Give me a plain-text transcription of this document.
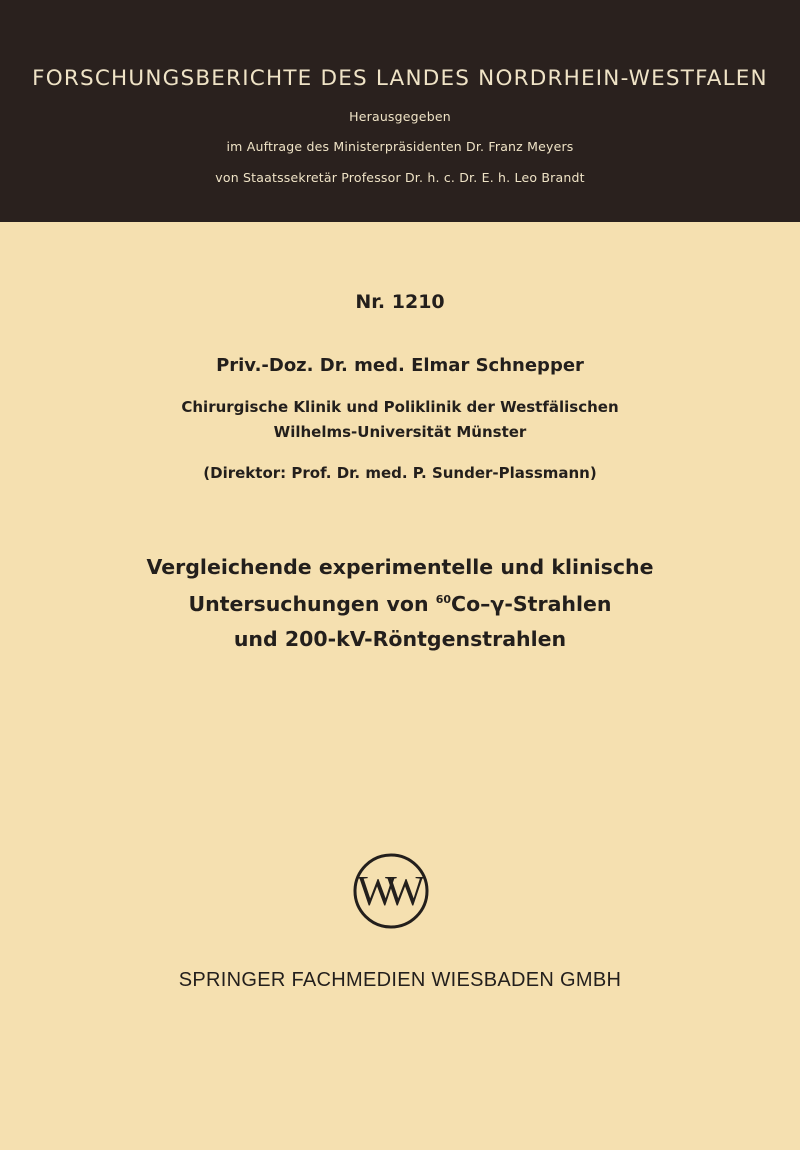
FORSCHUNGSBERICHTE DES LANDES NORDRHEIN-WESTFALEN
Herausgegeben
im Auftrage des Ministerpräsidenten Dr. Franz Meyers
von Staatssekretär Professor Dr. h. c. Dr. E. h. Leo Brandt
Nr. 1210
Priv.-Doz. Dr. med. Elmar Schnepper
Chirurgische Klinik und Poliklinik der Westfälischen
Wilhelms-Universität Münster
(Direktor: Prof. Dr. med. P. Sunder-Plassmann)
Vergleichende experimentelle und klinische
Untersuchungen von $^{60}$Co–γ-Strahlen
und 200-kV-Röntgenstrahlen
W
W
SPRINGER FACHMEDIEN WIESBADEN GMBH
